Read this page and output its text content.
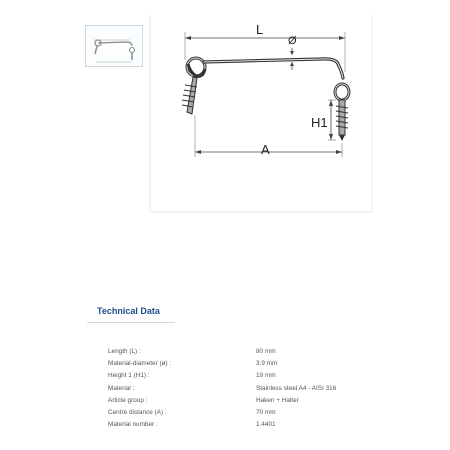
L
Ø
H1
A
Technical Data
Length (L) :	80 mm
Material-diameter (ø) :	3.9 mm
Height 1 (H1) :	19 mm
Material :	Stainless steel A4 - AISI 316
Article group :	Haken + Halter
Centre distance (A) :	70 mm
Material number :	1.4401
